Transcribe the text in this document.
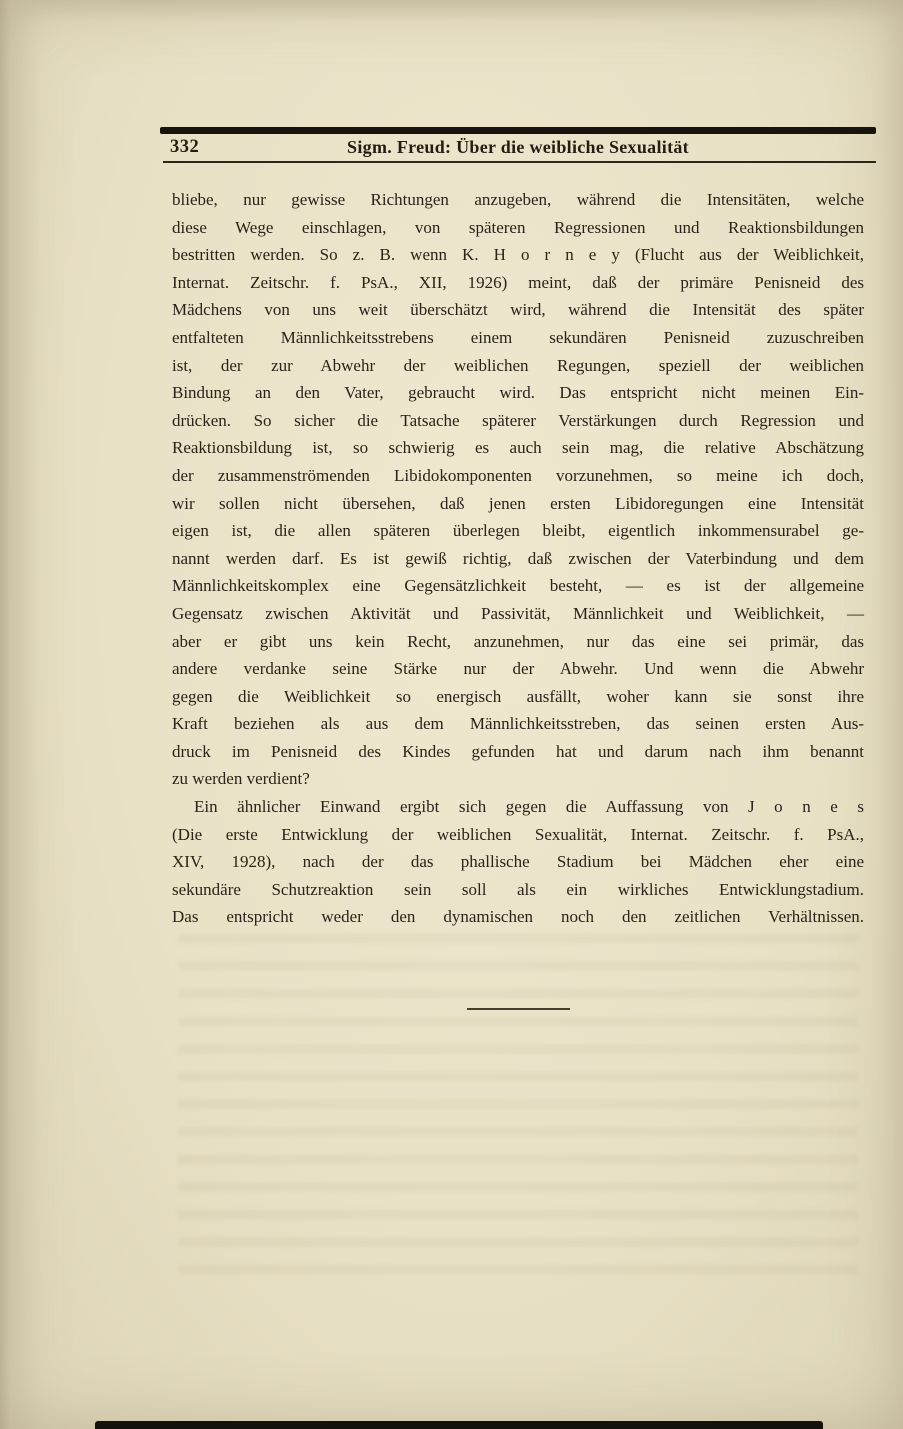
332	Sigm. Freud: Über die weibliche Sexualität
bliebe, nur gewisse Richtungen anzugeben, während die Intensitäten, welche
diese Wege einschlagen, von späteren Regressionen und Reaktionsbildungen
bestritten werden. So z. B. wenn K. H o r n e y (Flucht aus der Weiblichkeit,
Internat. Zeitschr. f. PsA., XII, 1926) meint, daß der primäre Penisneid des
Mädchens von uns weit überschätzt wird, während die Intensität des später
entfalteten Männlichkeitsstrebens einem sekundären Penisneid zuzuschreiben
ist, der zur Abwehr der weiblichen Regungen, speziell der weiblichen
Bindung an den Vater, gebraucht wird. Das entspricht nicht meinen Ein-
drücken. So sicher die Tatsache späterer Verstärkungen durch Regression und
Reaktionsbildung ist, so schwierig es auch sein mag, die relative Abschätzung
der zusammenströmenden Libidokomponenten vorzunehmen, so meine ich doch,
wir sollen nicht übersehen, daß jenen ersten Libidoregungen eine Intensität
eigen ist, die allen späteren überlegen bleibt, eigentlich inkommensurabel ge-
nannt werden darf. Es ist gewiß richtig, daß zwischen der Vaterbindung und dem
Männlichkeitskomplex eine Gegensätzlichkeit besteht, — es ist der allgemeine
Gegensatz zwischen Aktivität und Passivität, Männlichkeit und Weiblichkeit, —
aber er gibt uns kein Recht, anzunehmen, nur das eine sei primär, das
andere verdanke seine Stärke nur der Abwehr. Und wenn die Abwehr
gegen die Weiblichkeit so energisch ausfällt, woher kann sie sonst ihre
Kraft beziehen als aus dem Männlichkeitsstreben, das seinen ersten Aus-
druck im Penisneid des Kindes gefunden hat und darum nach ihm benannt
zu werden verdient?
Ein ähnlicher Einwand ergibt sich gegen die Auffassung von J o n e s
(Die erste Entwicklung der weiblichen Sexualität, Internat. Zeitschr. f. PsA.,
XIV, 1928), nach der das phallische Stadium bei Mädchen eher eine
sekundäre Schutzreaktion sein soll als ein wirkliches Entwicklungstadium.
Das entspricht weder den dynamischen noch den zeitlichen Verhältnissen.
